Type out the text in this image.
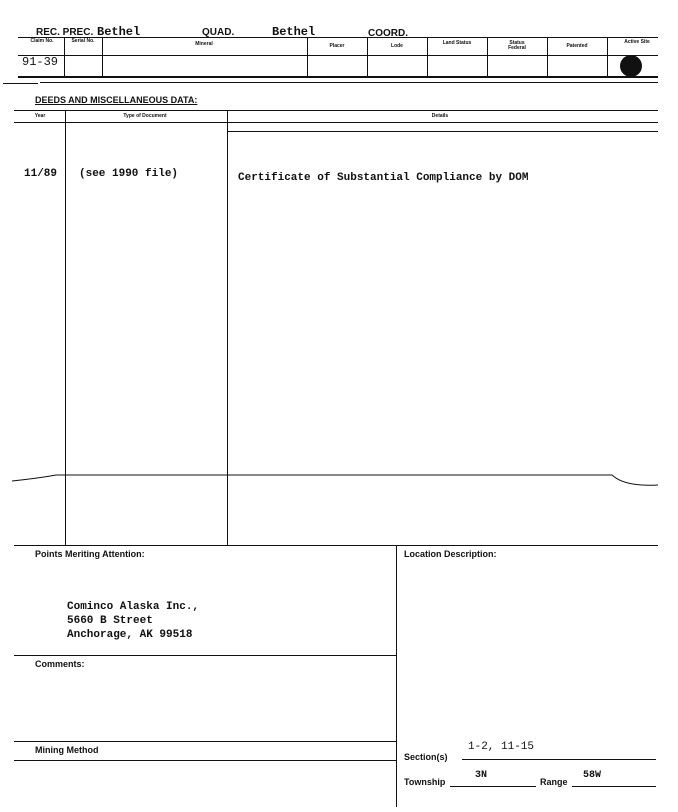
REC. PREC. Bethel	QUAD.	Bethel	COORD.
Claim No.	Serial No.	Mineral	Placer	Lode	Land Status	Status Federal	Patented
Active Site
91-39
DEEDS AND MISCELLANEOUS DATA:
Year	Type of Document	Details
11/89 (see 1990 file)	Certificate of Substantial Compliance by DOM
Points Meriting Attention:
Cominco Alaska Inc.,
5660 B Street
Anchorage, AK 99518
Comments:
Mining Method
Location Description:
Section(s)
1-2, 11-15
Township
3N
Range
58W
